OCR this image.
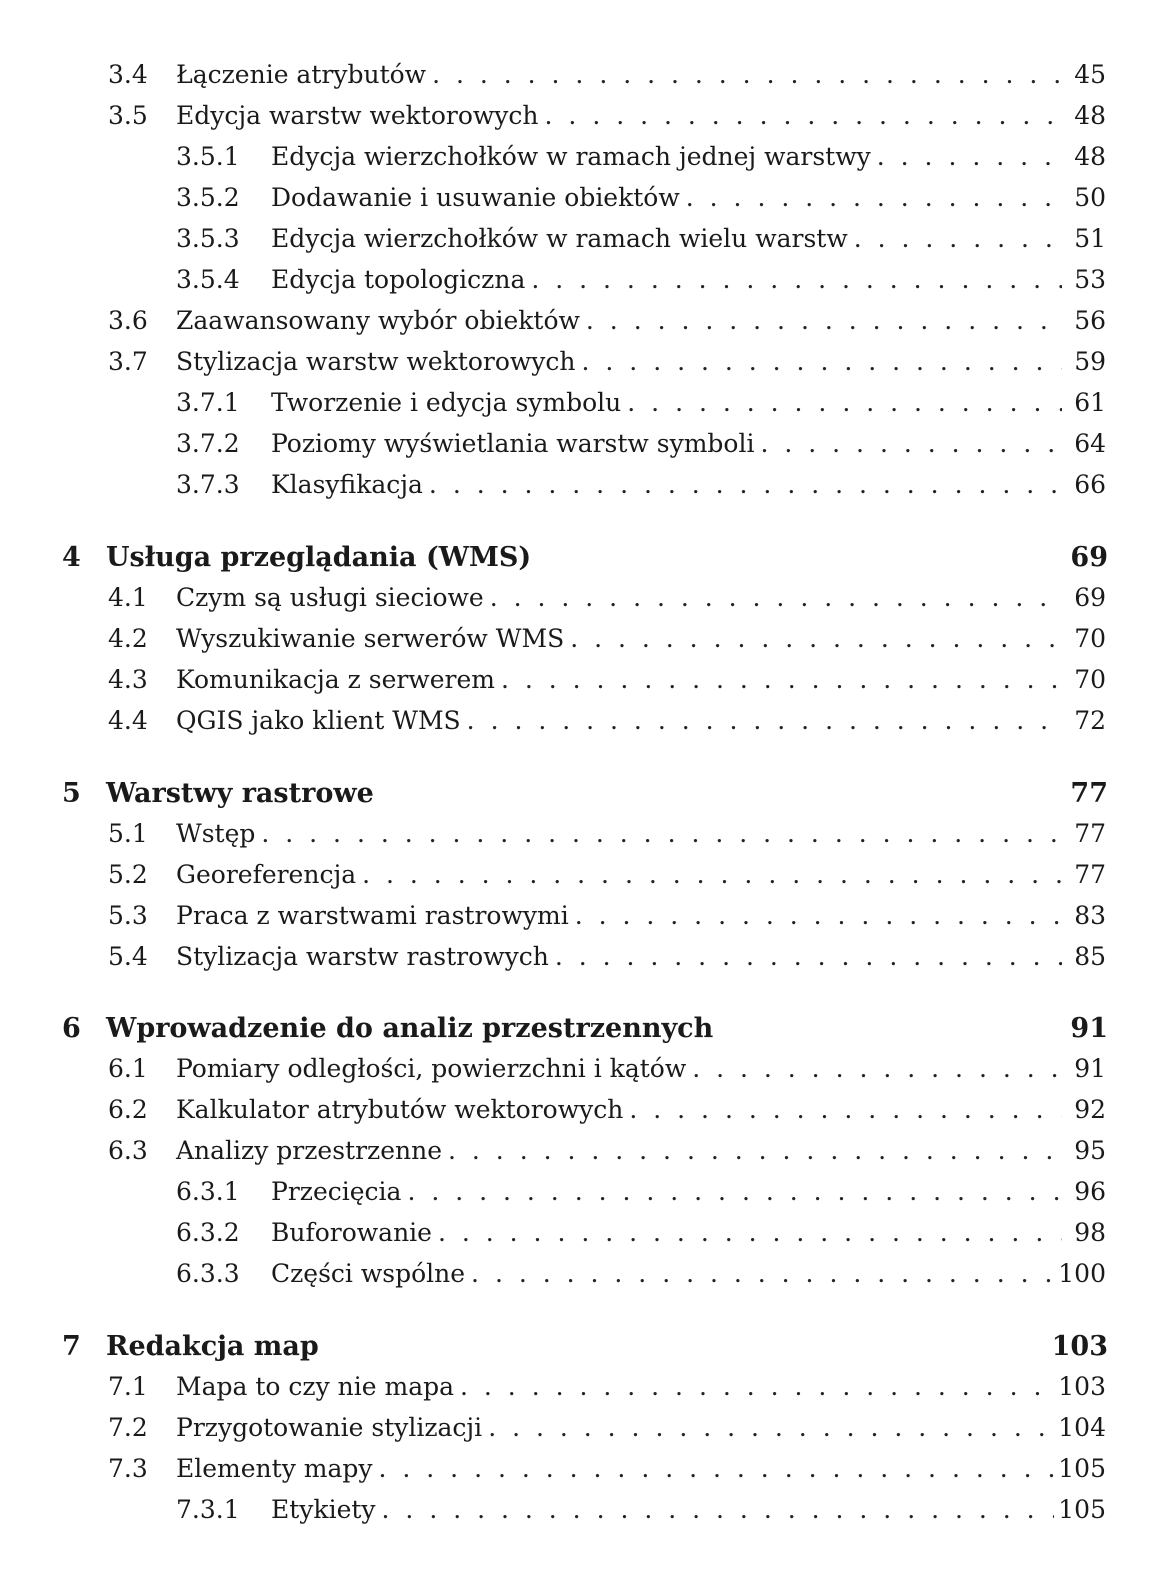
3.4	Łączenie atrybutów . . .	45
3.5	Edycja warstw wektorowych . . .	48
3.5.1	Edycja wierzchołków w ramach jednej warstwy . . .	48
3.5.2	Dodawanie i usuwanie obiektów . . .	50
3.5.3	Edycja wierzchołków w ramach wielu warstw . . .	51
3.5.4	Edycja topologiczna . . .	53
3.6	Zaawansowany wybór obiektów . . .	56
3.7	Stylizacja warstw wektorowych . . .	59
3.7.1	Tworzenie i edycja symbolu . . .	61
3.7.2	Poziomy wyświetlania warstw symboli . . .	64
3.7.3	Klasyfikacja . . .	66
4 Usługa przeglądania (WMS)	69
4.1	Czym są usługi sieciowe . . .	69
4.2	Wyszukiwanie serwerów WMS . . .	70
4.3	Komunikacja z serwerem . . .	70
4.4	QGIS jako klient WMS . . .	72
5 Warstwy rastrowe	77
5.1	Wstęp . . .	77
5.2	Georeferencja . . .	77
5.3	Praca z warstwami rastrowymi . . .	83
5.4	Stylizacja warstw rastrowych . . .	85
6 Wprowadzenie do analiz przestrzennych	91
6.1	Pomiary odległości, powierzchni i kątów . . .	91
6.2	Kalkulator atrybutów wektorowych . . .	92
6.3	Analizy przestrzenne . . .	95
6.3.1	Przecięcia . . .	96
6.3.2	Buforowanie . . .	98
6.3.3	Części wspólne . . .	100
7 Redakcja map	103
7.1	Mapa to czy nie mapa . . .	103
7.2	Przygotowanie stylizacji . . .	104
7.3	Elementy mapy . . .	105
7.3.1	Etykiety . . .	105
